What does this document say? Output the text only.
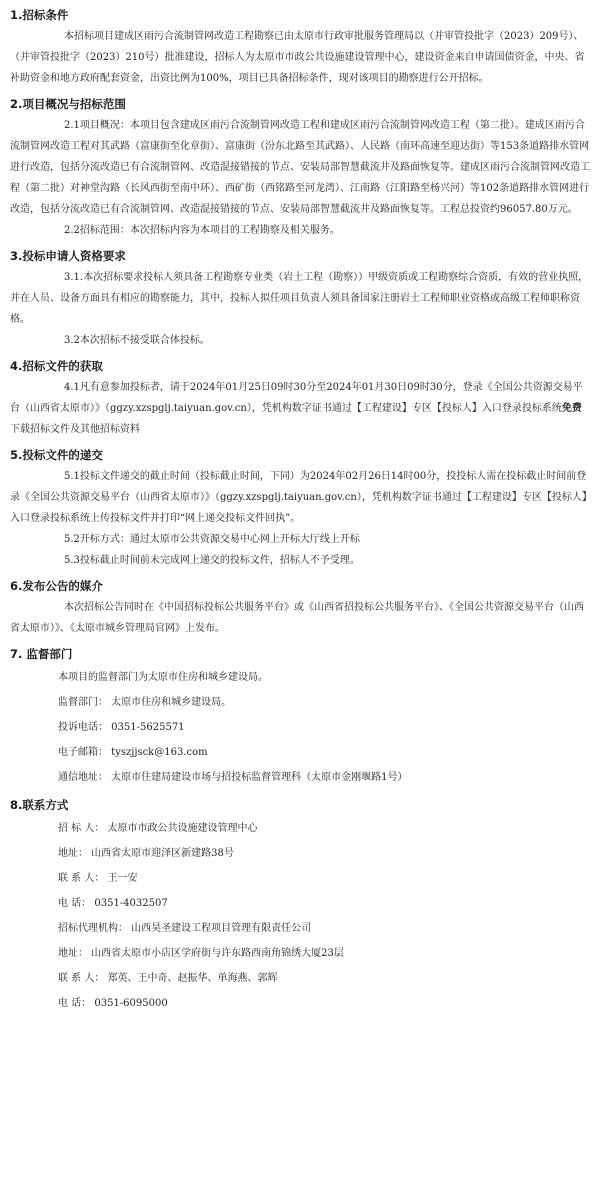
1.招标条件

本招标项目建成区雨污合流制管网改造工程勘察已由太原市行政审批服务管理局以（并审管投批字（2023）209号）、（并审管投批字（2023）210号）批准建设，招标人为太原市市政公共设施建设管理中心，建设资金来自申请国债资金，中央、省补助资金和地方政府配套资金，出资比例为100%，项目已具备招标条件，现对该项目的勘察进行公开招标。

2.项目概况与招标范围

2.1项目概况：本项目包含建成区雨污合流制管网改造工程和建成区雨污合流制管网改造工程（第二批）。建成区雨污合流制管网改造工程对其武路（富康街至化章街）、富康街（汾东北路至其武路）、人民路（南环高速至迎达街）等153条道路排水管网进行改造，包括分流改造已有合流制管网、改造混接错接的节点、安装局部智慧截流井及路面恢复等。建成区雨污合流制管网改造工程（第二批）对神堂沟路（长风西街至南中环）、西矿街（西铭路至河龙湾）、江南路（江阳路至杨兴河）等102条道路排水管网进行改造，包括分流改造已有合流制管网、改造混接错接的节点、安装局部智慧截流井及路面恢复等。工程总投资约96057.80万元。

2.2招标范围：本次招标内容为本项目的工程勘察及相关服务。

3.投标申请人资格要求

3.1.本次招标要求投标人须具备工程勘察专业类（岩土工程（勘察））甲级资质或工程勘察综合资质，有效的营业执照，并在人员、设备方面具有相应的勘察能力，其中，投标人拟任项目负责人须具备国家注册岩土工程师职业资格或高级工程师职称资格。

3.2本次招标不接受联合体投标。

4.招标文件的获取

4.1凡有意参加投标者，请于2024年01月25日09时30分至2024年01月30日09时30分，登录《全国公共资源交易平台（山西省太原市）》（ggzy.xzspglj.taiyuan.gov.cn），凭机构数字证书通过【工程建设】专区【投标人】入口登录投标系统免费下载招标文件及其他招标资料

5.投标文件的递交

5.1投标文件递交的截止时间（投标截止时间，下同）为2024年02月26日14时00分，投投标人需在投标截止时间前登录《全国公共资源交易平台（山西省太原市）》（ggzy.xzspglj.taiyuan.gov.cn），凭机构数字证书通过【工程建设】专区【投标人】入口登录投标系统上传投标文件并打印“网上递交投标文件回执”。

5.2开标方式：通过太原市公共资源交易中心网上开标大厅线上开标

5.3投标截止时间前未完成网上递交的投标文件，招标人不予受理。

6.发布公告的媒介

本次招标公告同时在《中国招标投标公共服务平台》或《山西省招投标公共服务平台》、《全国公共资源交易平台（山西省太原市）》、《太原市城乡管理局官网》上发布。

7. 监督部门

本项目的监督部门为太原市住房和城乡建设局。

监督部门： 太原市住房和城乡建设局。

投诉电话： 0351-5625571

电子邮箱： tyszjjsck@163.com

通信地址： 太原市住建局建设市场与招投标监督管理科（太原市金刚堰路1号）

8.联系方式

招 标 人： 太原市市政公共设施建设管理中心

地址： 山西省太原市迎泽区新建路38号

联 系 人： 王一安

电 话： 0351-4032507

招标代理机构： 山西昊圣建设工程项目管理有限责任公司

地址： 山西省太原市小店区学府街与许东路西南角锦绣大厦23层

联 系 人： 郑英、王中奇、赵振华、单海燕、郭辉

电 话： 0351-6095000
